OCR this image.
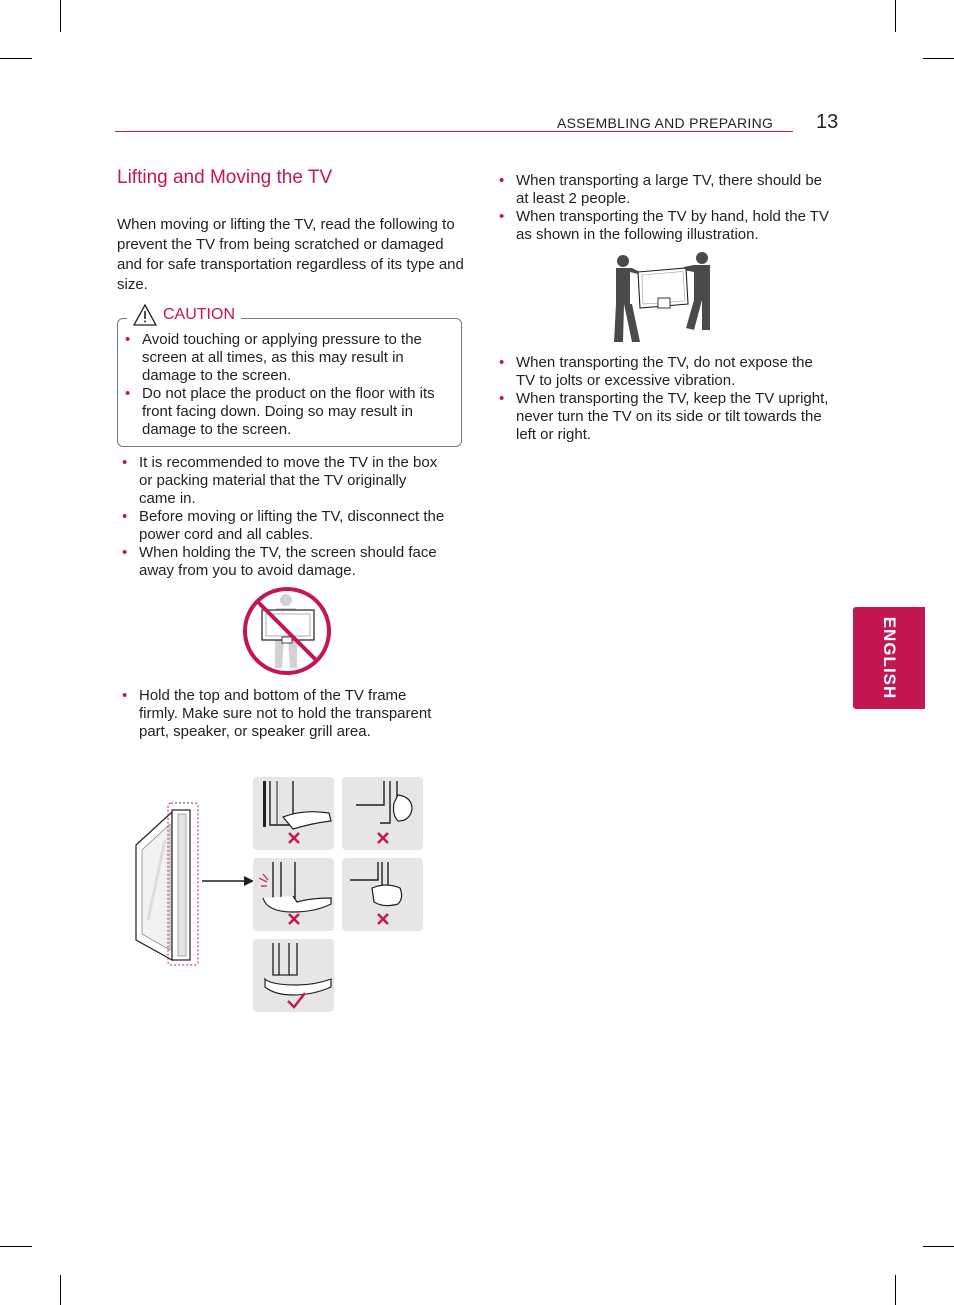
ASSEMBLING AND PREPARING 13
ENGLISH
Lifting and Moving the TV

When moving or lifting the TV, read the following to prevent the TV from being scratched or damaged and for safe transportation regardless of its type and size.

CAUTION
• Avoid touching or applying pressure to the screen at all times, as this may result in damage to the screen.
• Do not place the product on the floor with its front facing down. Doing so may result in damage to the screen.
• It is recommended to move the TV in the box or packing material that the TV originally came in.
• Before moving or lifting the TV, disconnect the power cord and all cables.
• When holding the TV, the screen should face away from you to avoid damage.
• Hold the top and bottom of the TV frame firmly. Make sure not to hold the transparent part, speaker, or speaker grill area.
• When transporting a large TV, there should be at least 2 people.
• When transporting the TV by hand, hold the TV as shown in the following illustration.
• When transporting the TV, do not expose the TV to jolts or excessive vibration.
• When transporting the TV, keep the TV upright, never turn the TV on its side or tilt towards the left or right.
